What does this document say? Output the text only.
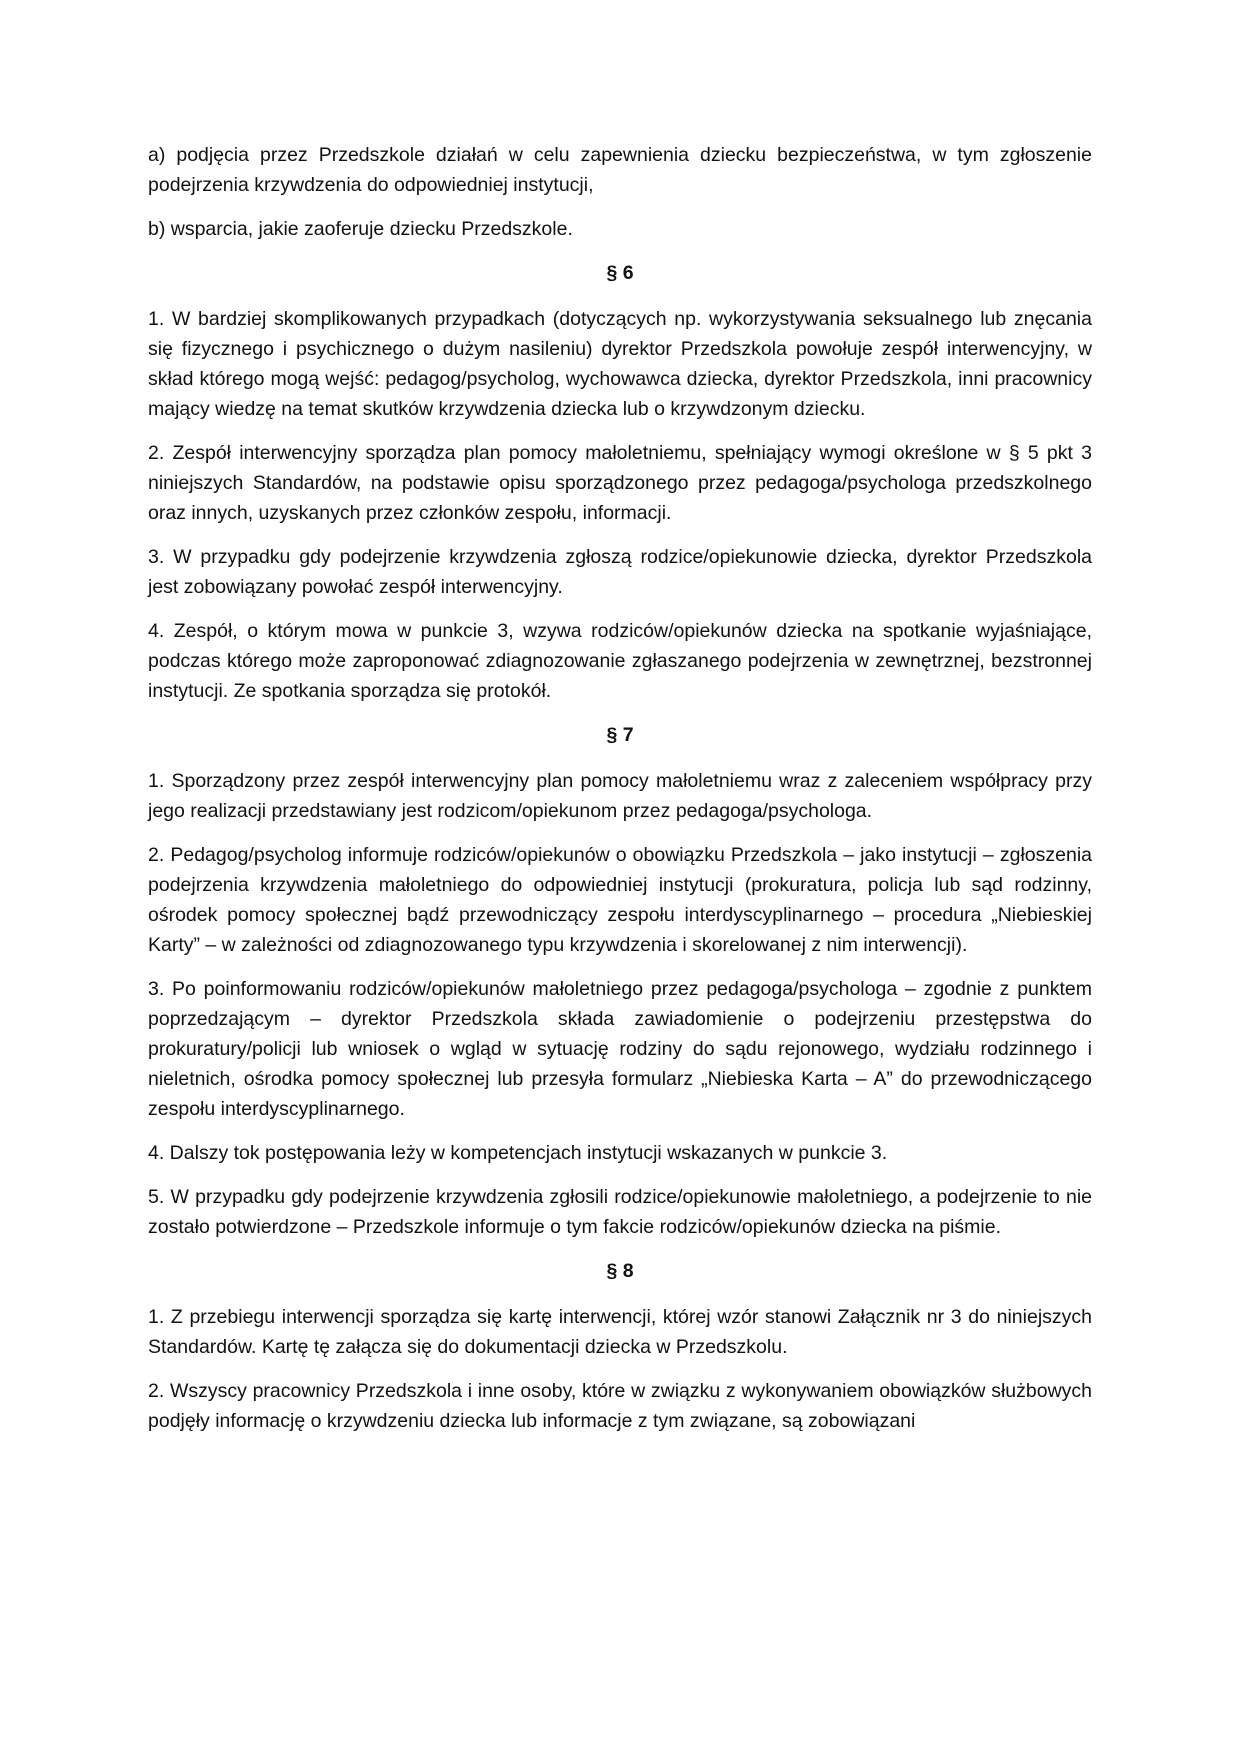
a) podjęcia przez Przedszkole działań w celu zapewnienia dziecku bezpieczeństwa, w tym zgłoszenie podejrzenia krzywdzenia do odpowiedniej instytucji,

b) wsparcia, jakie zaoferuje dziecku Przedszkole.

§ 6

1. W bardziej skomplikowanych przypadkach (dotyczących np. wykorzystywania seksualnego lub znęcania się fizycznego i psychicznego o dużym nasileniu) dyrektor Przedszkola powołuje zespół interwencyjny, w skład którego mogą wejść: pedagog/psycholog, wychowawca dziecka, dyrektor Przedszkola, inni pracownicy mający wiedzę na temat skutków krzywdzenia dziecka lub o krzywdzonym dziecku.

2. Zespół interwencyjny sporządza plan pomocy małoletniemu, spełniający wymogi określone w § 5 pkt 3 niniejszych Standardów, na podstawie opisu sporządzonego przez pedagoga/psychologa przedszkolnego oraz innych, uzyskanych przez członków zespołu, informacji.

3. W przypadku gdy podejrzenie krzywdzenia zgłoszą rodzice/opiekunowie dziecka, dyrektor Przedszkola jest zobowiązany powołać zespół interwencyjny.

4. Zespół, o którym mowa w punkcie 3, wzywa rodziców/opiekunów dziecka na spotkanie wyjaśniające, podczas którego może zaproponować zdiagnozowanie zgłaszanego podejrzenia w zewnętrznej, bezstronnej instytucji. Ze spotkania sporządza się protokół.

§ 7

1. Sporządzony przez zespół interwencyjny plan pomocy małoletniemu wraz z zaleceniem współpracy przy jego realizacji przedstawiany jest rodzicom/opiekunom przez pedagoga/psychologa.

2. Pedagog/psycholog informuje rodziców/opiekunów o obowiązku Przedszkola – jako instytucji – zgłoszenia podejrzenia krzywdzenia małoletniego do odpowiedniej instytucji (prokuratura, policja lub sąd rodzinny, ośrodek pomocy społecznej bądź przewodniczący zespołu interdyscyplinarnego – procedura „Niebieskiej Karty” – w zależności od zdiagnozowanego typu krzywdzenia i skorelowanej z nim interwencji).

3. Po poinformowaniu rodziców/opiekunów małoletniego przez pedagoga/psychologa – zgodnie z punktem poprzedzającym – dyrektor Przedszkola składa zawiadomienie o podejrzeniu przestępstwa do prokuratury/policji lub wniosek o wgląd w sytuację rodziny do sądu rejonowego, wydziału rodzinnego i nieletnich, ośrodka pomocy społecznej lub przesyła formularz „Niebieska Karta – A” do przewodniczącego zespołu interdyscyplinarnego.

4. Dalszy tok postępowania leży w kompetencjach instytucji wskazanych w punkcie 3.

5. W przypadku gdy podejrzenie krzywdzenia zgłosili rodzice/opiekunowie małoletniego, a podejrzenie to nie zostało potwierdzone – Przedszkole informuje o tym fakcie rodziców/opiekunów dziecka na piśmie.

§ 8

1. Z przebiegu interwencji sporządza się kartę interwencji, której wzór stanowi Załącznik nr 3 do niniejszych Standardów. Kartę tę załącza się do dokumentacji dziecka w Przedszkolu.

2. Wszyscy pracownicy Przedszkola i inne osoby, które w związku z wykonywaniem obowiązków służbowych podjęły informację o krzywdzeniu dziecka lub informacje z tym związane, są zobowiązani
